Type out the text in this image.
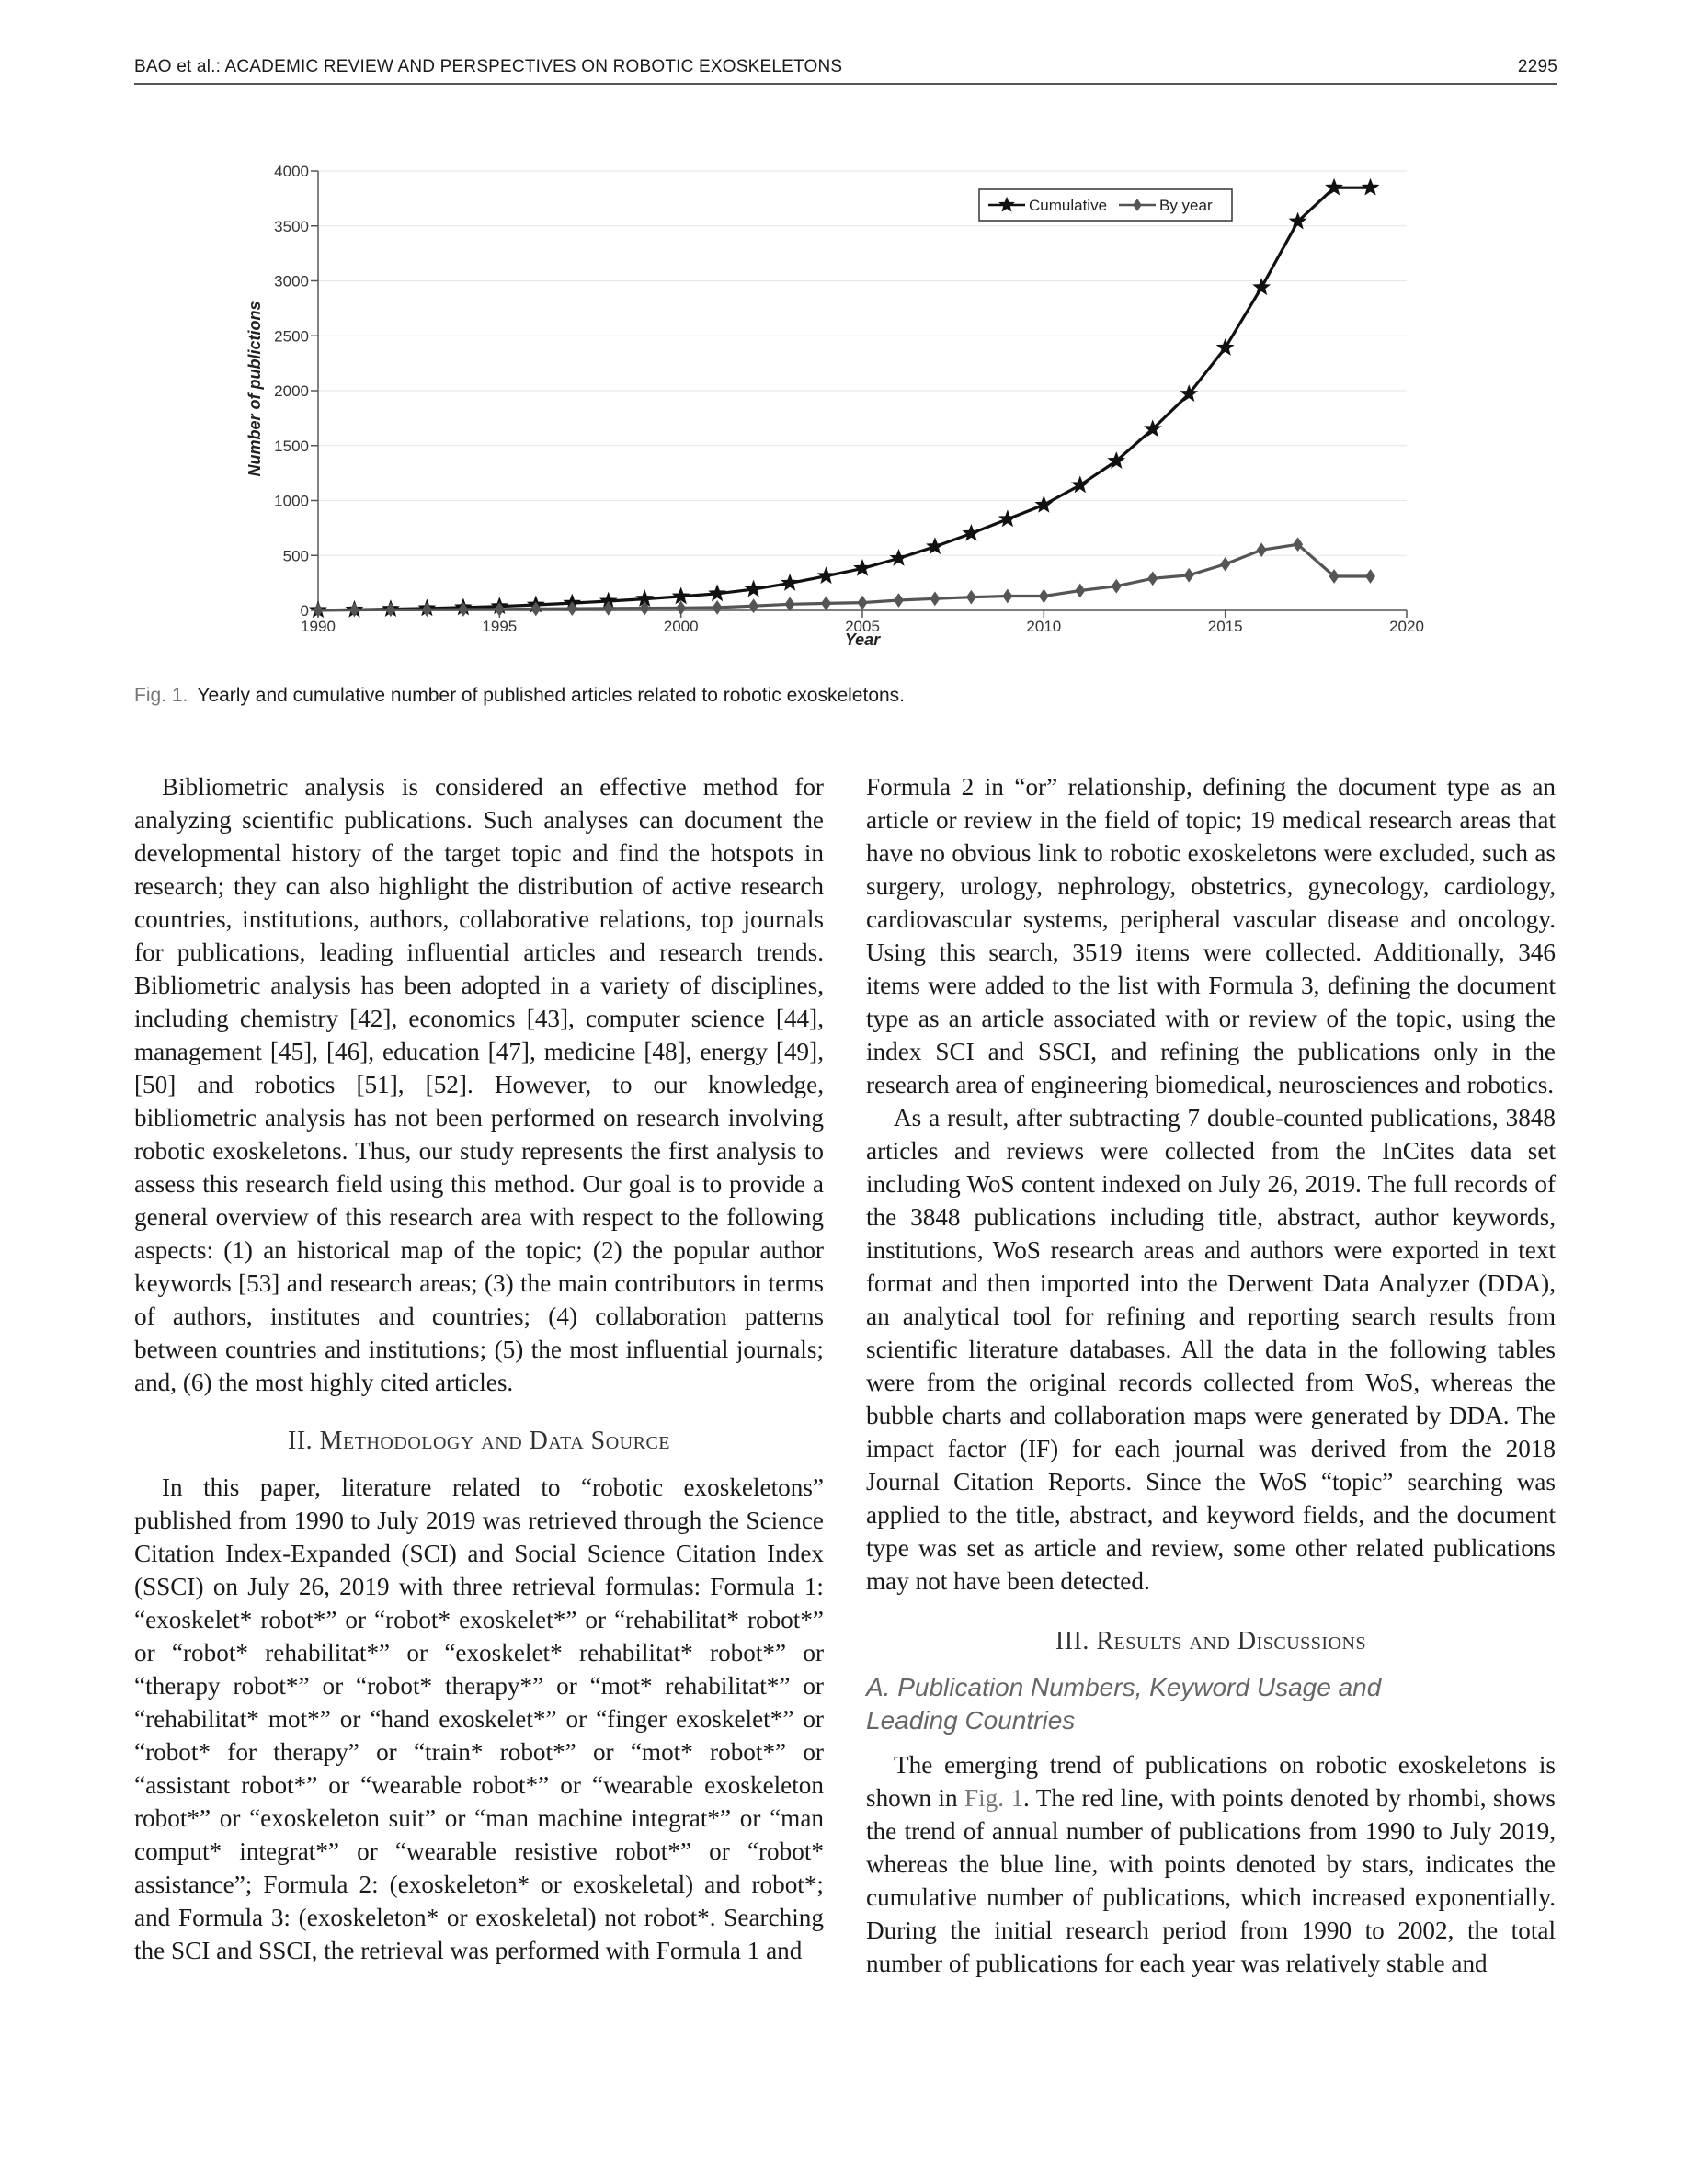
BAO et al.: ACADEMIC REVIEW AND PERSPECTIVES ON ROBOTIC EXOSKELETONS	2295
0
500
1000
1500
2000
2500
3000
3500
4000
1990	1995	2000	2005	2010	2015	2020
Cumulative	By year
Year
Number of publictions
Fig. 1. Yearly and cumulative number of published articles related to robotic exoskeletons.

Bibliometric analysis is considered an effective method for analyzing scientific publications. Such analyses can document the developmental history of the target topic and find the hotspots in research; they can also highlight the distribution of active research countries, institutions, authors, collaborative relations, top journals for publications, leading influential articles and research trends. Bibliometric analysis has been adopted in a variety of disciplines, including chemistry [42], economics [43], computer science [44], management [45], [46], education [47], medicine [48], energy [49], [50] and robotics [51], [52]. However, to our knowledge, bibliometric analysis has not been performed on research involving robotic exoskeletons. Thus, our study represents the first analysis to assess this research field using this method. Our goal is to provide a general overview of this research area with respect to the following aspects: (1) an historical map of the topic; (2) the popular author keywords [53] and research areas; (3) the main contributors in terms of authors, institutes and countries; (4) collaboration patterns between countries and institutions; (5) the most influential journals; and, (6) the most highly cited articles.

II. Methodology and Data Source

In this paper, literature related to “robotic exoskeletons” published from 1990 to July 2019 was retrieved through the Science Citation Index-Expanded (SCI) and Social Science Citation Index (SSCI) on July 26, 2019 with three retrieval formulas: Formula 1: “exoskelet* robot*” or “robot* exoskelet*” or “rehabilitat* robot*” or “robot* rehabilitat*” or “exoskelet* rehabilitat* robot*” or “therapy robot*” or “robot* therapy*” or “mot* rehabilitat*” or “rehabilitat* mot*” or “hand exoskelet*” or “finger exoskelet*” or “robot* for therapy” or “train* robot*” or “mot* robot*” or “assistant robot*” or “wearable robot*” or “wearable exoskeleton robot*” or “exoskeleton suit” or “man machine integrat*” or “man comput* integrat*” or “wearable resistive robot*” or “robot* assistance”; Formula 2: (exoskeleton* or exoskeletal) and robot*; and Formula 3: (exoskeleton* or exoskeletal) not robot*. Searching the SCI and SSCI, the retrieval was performed with Formula 1 and

Formula 2 in “or” relationship, defining the document type as an article or review in the field of topic; 19 medical research areas that have no obvious link to robotic exoskeletons were excluded, such as surgery, urology, nephrology, obstetrics, gynecology, cardiology, cardiovascular systems, peripheral vascular disease and oncology. Using this search, 3519 items were collected. Additionally, 346 items were added to the list with Formula 3, defining the document type as an article associated with or review of the topic, using the index SCI and SSCI, and refining the publications only in the research area of engineering biomedical, neurosciences and robotics.

As a result, after subtracting 7 double-counted publications, 3848 articles and reviews were collected from the InCites data set including WoS content indexed on July 26, 2019. The full records of the 3848 publications including title, abstract, author keywords, institutions, WoS research areas and authors were exported in text format and then imported into the Derwent Data Analyzer (DDA), an analytical tool for refining and reporting search results from scientific literature databases. All the data in the following tables were from the original records collected from WoS, whereas the bubble charts and collaboration maps were generated by DDA. The impact factor (IF) for each journal was derived from the 2018 Journal Citation Reports. Since the WoS “topic” searching was applied to the title, abstract, and keyword fields, and the document type was set as article and review, some other related publications may not have been detected.

III. Results and Discussions
A. Publication Numbers, Keyword Usage and
Leading Countries

The emerging trend of publications on robotic exoskeletons is shown in Fig. 1. The red line, with points denoted by rhombi, shows the trend of annual number of publications from 1990 to July 2019, whereas the blue line, with points denoted by stars, indicates the cumulative number of publications, which increased exponentially. During the initial research period from 1990 to 2002, the total number of publications for each year was relatively stable and
